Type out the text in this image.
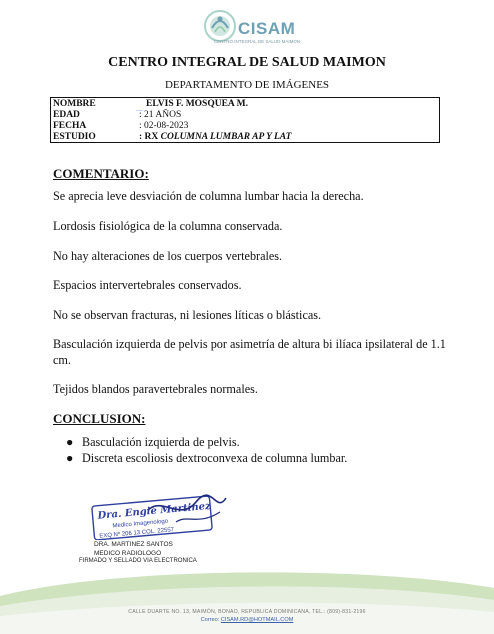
CISAM
CENTRO INTEGRAL DE SALUD MAIMON
CENTRO INTEGRAL DE SALUD MAIMON
DEPARTAMENTO DE IMÁGENES
NOMBRE	﹏ ELVIS F. MOSQUEA M.
EDAD	: 21 AÑOS
FECHA	: 02-08-2023
ESTUDIO	: RX COLUMNA LUMBAR AP Y LAT
COMENTARIO:
Se aprecia leve desviación de columna lumbar hacia la derecha.
Lordosis fisiológica de la columna conservada.
No hay alteraciones de los cuerpos vertebrales.
Espacios intervertebrales conservados.
No se observan fracturas, ni lesiones líticas o blásticas.
Basculación izquierda de pelvis por asimetría de altura bi ilíaca ipsilateral de 1.1 cm.
Tejidos blandos paravertebrales normales.
CONCLUSION:
● Basculación izquierda de pelvis.
● Discreta escoliosis dextroconvexa de columna lumbar.
Dra. Engie Martinez
Medico Imagenologo
EXQ Nº 206 13 COL. 22557
DRA. MARTINEZ SANTOS
MEDICO RADIOLOGO
FIRMADO Y SELLADO VIA ELECTRONICA
CALLE DUARTE NO. 13, MAIMÓN, BONAO, REPUBLICA DOMINICANA, TEL.: (809)-831-2196
Correo: CISAM.RD@HOTMAIL.COM
